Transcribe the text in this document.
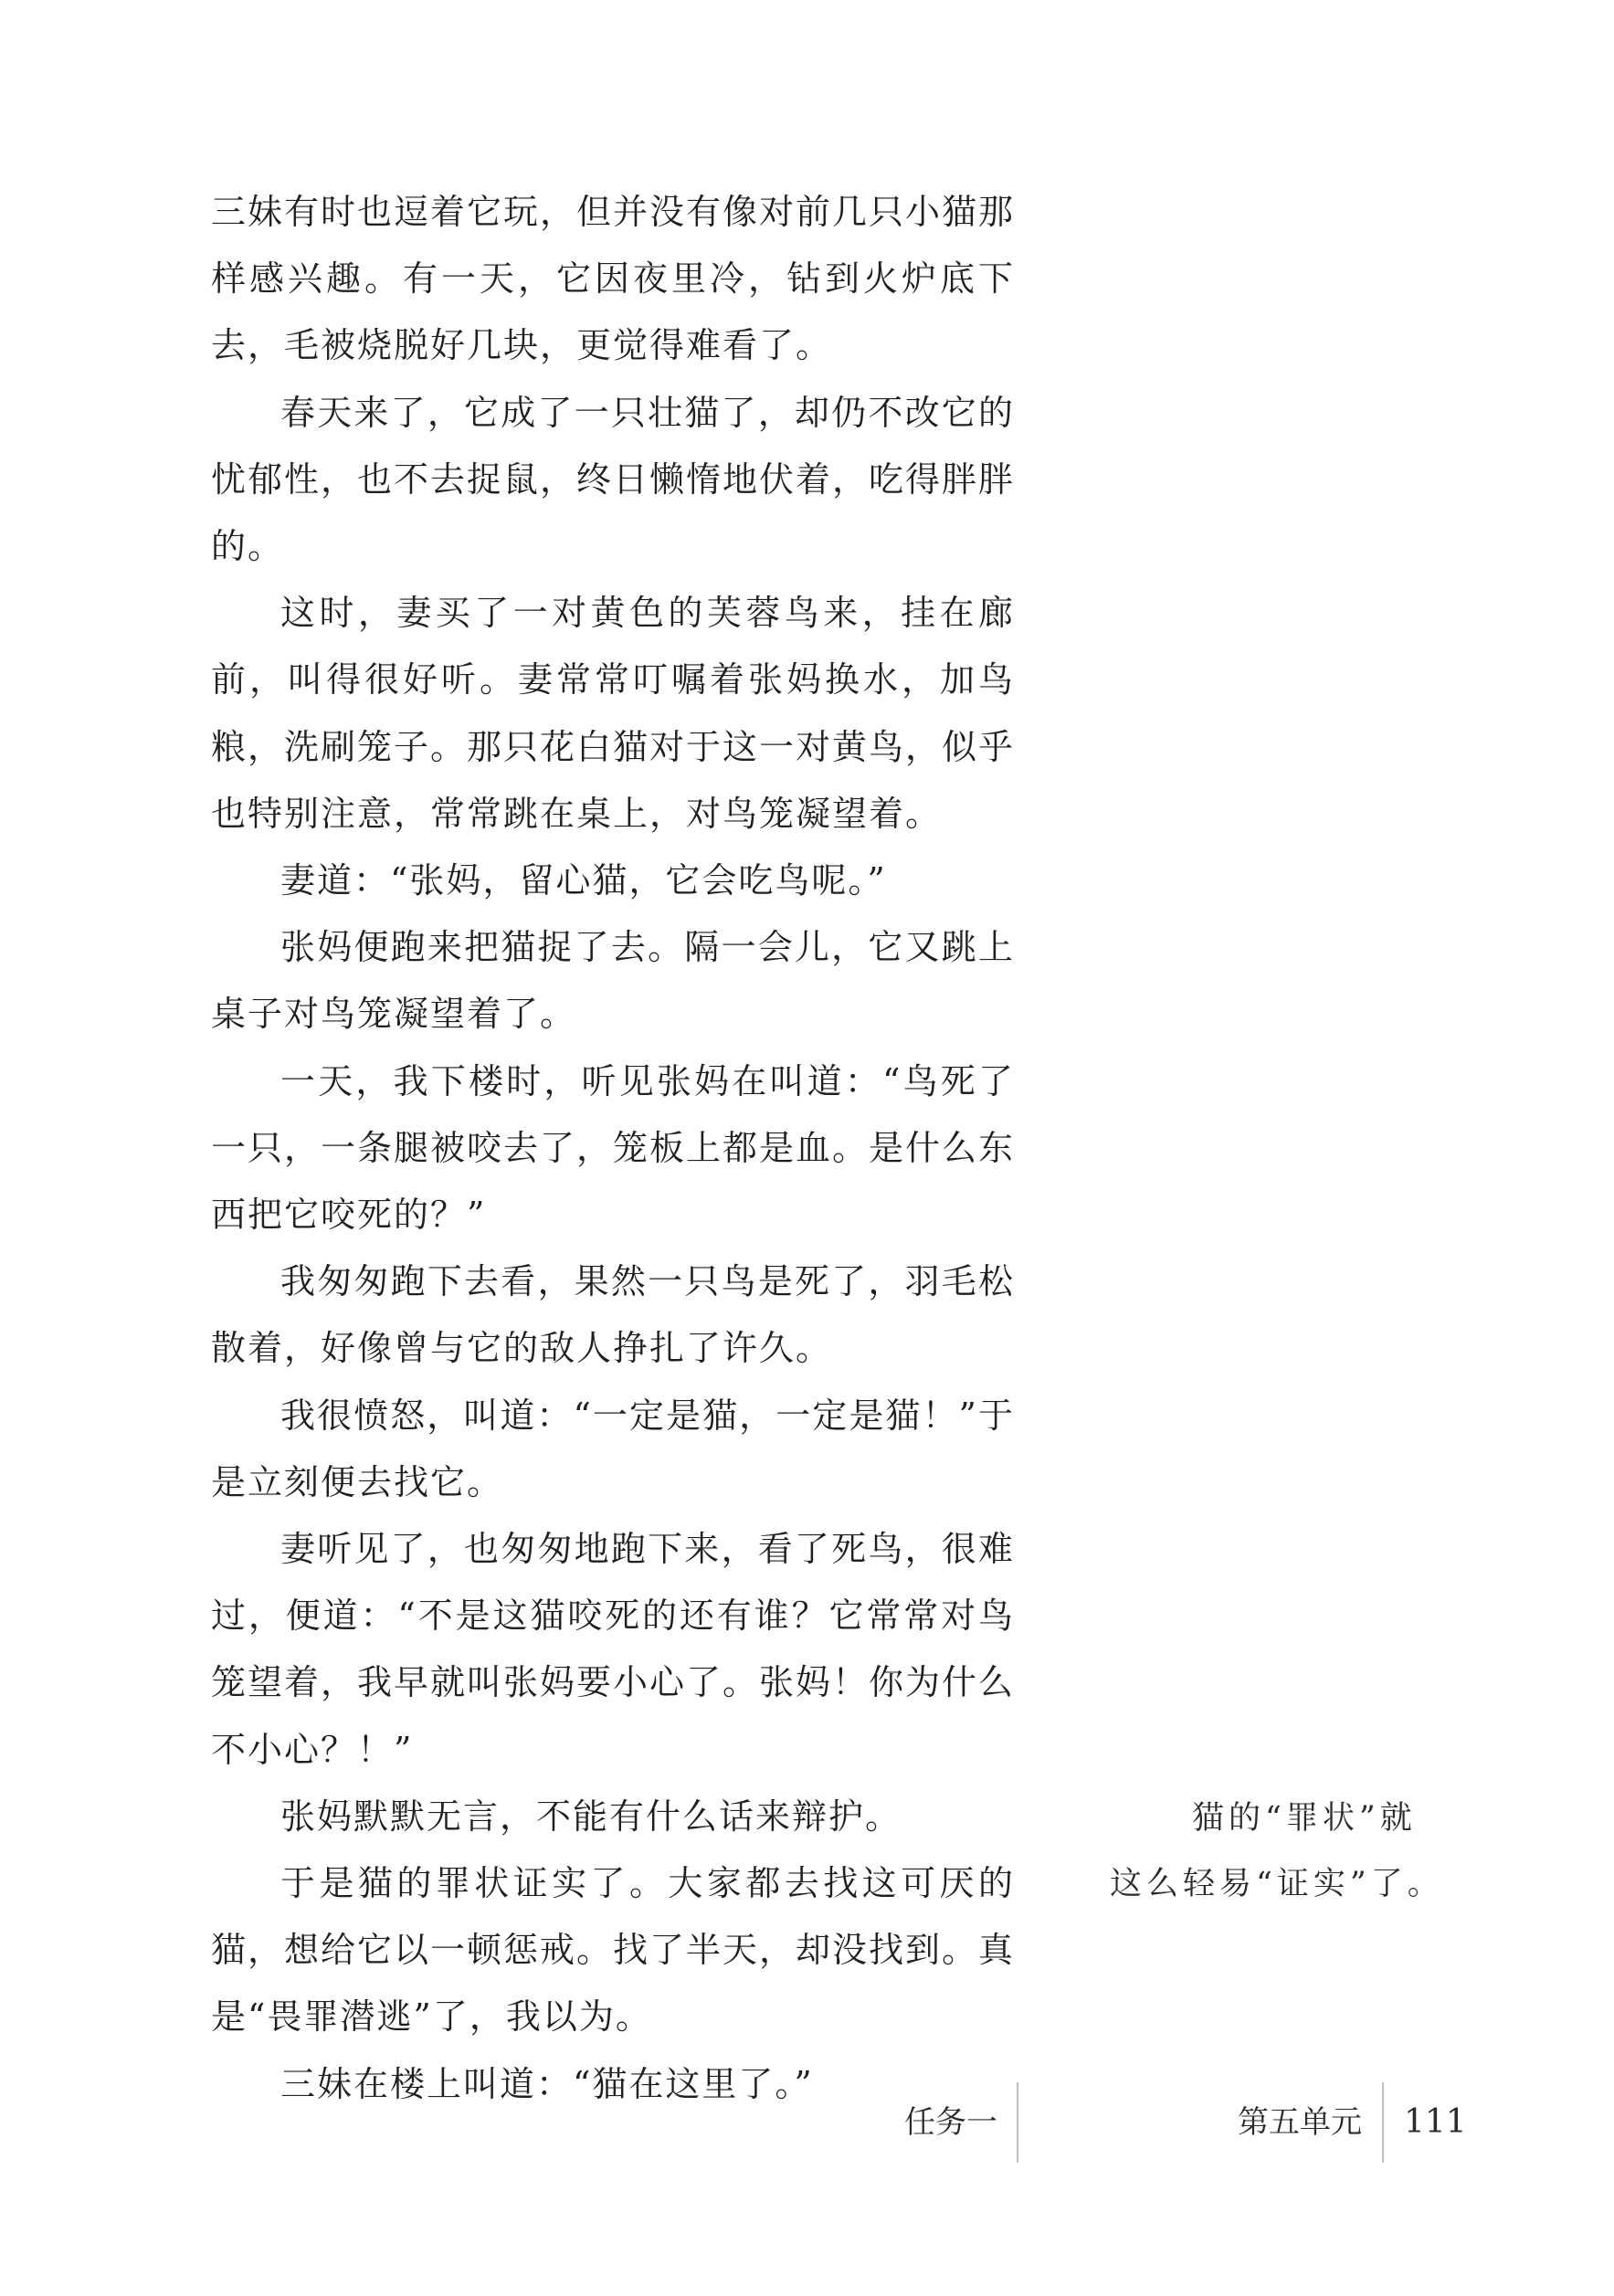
三妹有时也逗着它玩，但并没有像对前几只小猫那样感兴趣。有一天，它因夜里冷，钻到火炉底下去，毛被烧脱好几块，更觉得难看了。

春天来了，它成了一只壮猫了，却仍不改它的忧郁性，也不去捉鼠，终日懒惰地伏着，吃得胖胖的。

这时，妻买了一对黄色的芙蓉鸟来，挂在廊前，叫得很好听。妻常常叮嘱着张妈换水，加鸟粮，洗刷笼子。那只花白猫对于这一对黄鸟，似乎也特别注意，常常跳在桌上，对鸟笼凝望着。

妻道：“张妈，留心猫，它会吃鸟呢。”

张妈便跑来把猫捉了去。隔一会儿，它又跳上桌子对鸟笼凝望着了。

一天，我下楼时，听见张妈在叫道：“鸟死了一只，一条腿被咬去了，笼板上都是血。是什么东西把它咬死的？”

我匆匆跑下去看，果然一只鸟是死了，羽毛松散着，好像曾与它的敌人挣扎了许久。

我很愤怒，叫道：“一定是猫，一定是猫！”于是立刻便去找它。

妻听见了，也匆匆地跑下来，看了死鸟，很难过，便道：“不是这猫咬死的还有谁？它常常对鸟笼望着，我早就叫张妈要小心了。张妈！你为什么不小心？！”

张妈默默无言，不能有什么话来辩护。

于是猫的罪状证实了。大家都去找这可厌的猫，想给它以一顿惩戒。找了半天，却没找到。真是“畏罪潜逃”了，我以为。

三妹在楼上叫道：“猫在这里了。”

猫的“罪状”就
这么轻易“证实”了。
任务一	第五单元 111
